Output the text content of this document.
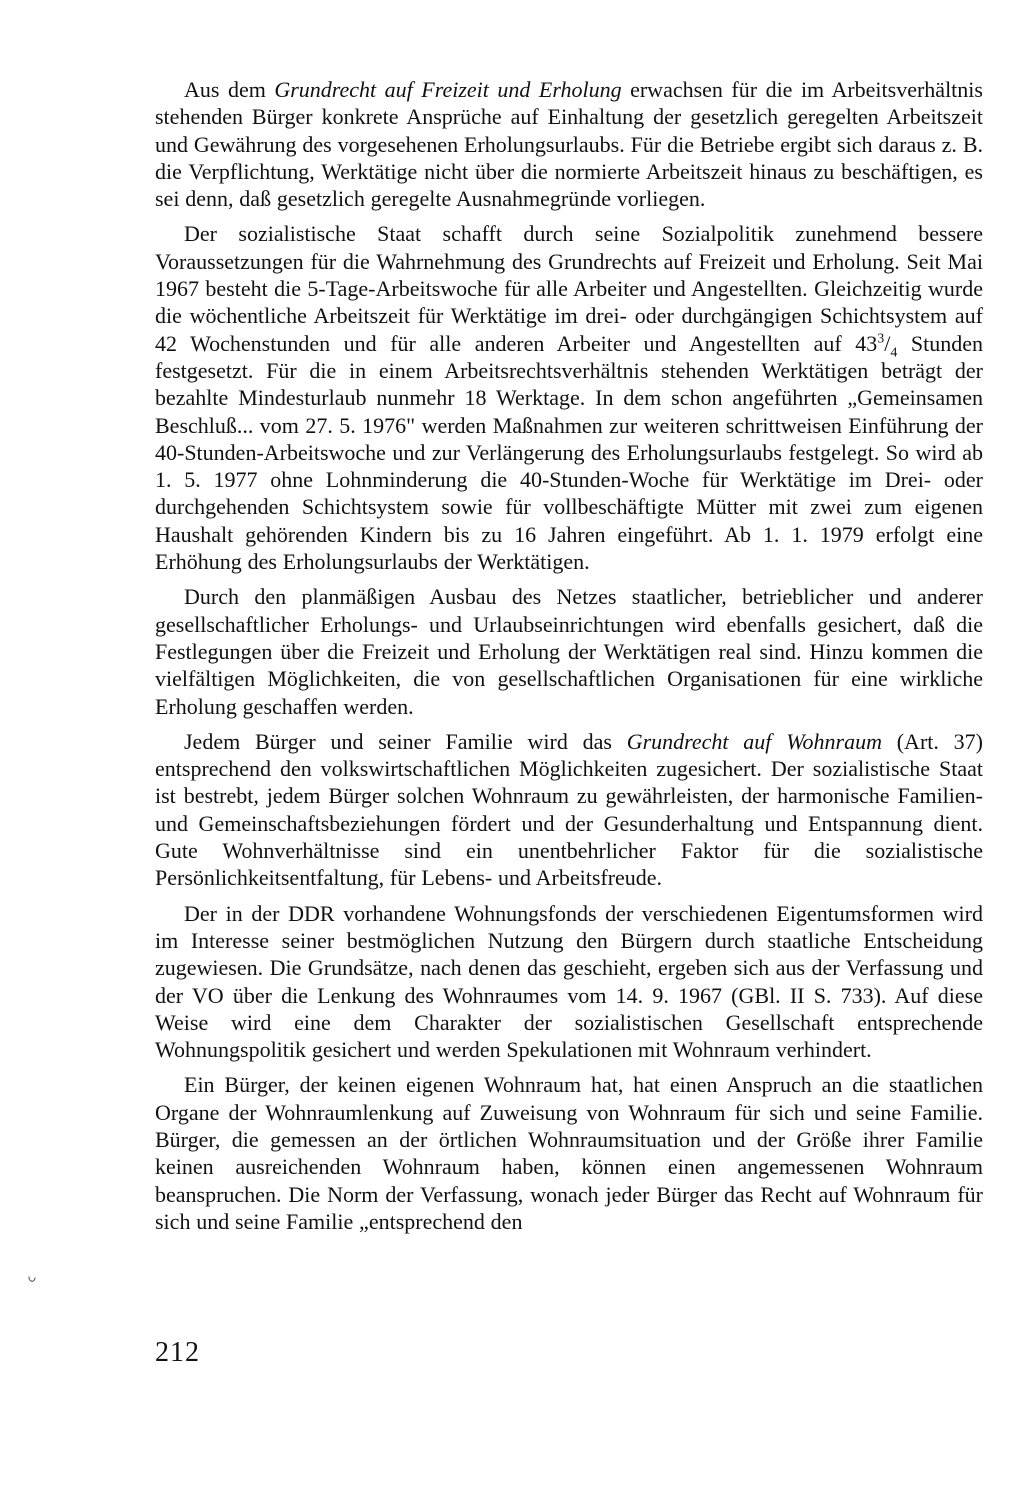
Aus dem Grundrecht auf Freizeit und Erholung erwachsen für die im Arbeitsverhältnis stehenden Bürger konkrete Ansprüche auf Einhaltung der gesetzlich geregelten Arbeitszeit und Gewährung des vorgesehenen Erholungsurlaubs. Für die Betriebe ergibt sich daraus z. B. die Verpflichtung, Werktätige nicht über die normierte Arbeitszeit hinaus zu beschäftigen, es sei denn, daß gesetzlich geregelte Ausnahmegründe vorliegen.

Der sozialistische Staat schafft durch seine Sozialpolitik zunehmend bessere Voraussetzungen für die Wahrnehmung des Grundrechts auf Freizeit und Erholung. Seit Mai 1967 besteht die 5-Tage-Arbeitswoche für alle Arbeiter und Angestellten. Gleichzeitig wurde die wöchentliche Arbeitszeit für Werktätige im drei- oder durchgängigen Schichtsystem auf 42 Wochenstunden und für alle anderen Arbeiter und Angestellten auf $43^3/_4$ Stunden festgesetzt. Für die in einem Arbeitsrechtsverhältnis stehenden Werktätigen beträgt der bezahlte Mindesturlaub nunmehr 18 Werktage. In dem schon angeführten „Gemeinsamen Beschluß... vom 27. 5. 1976" werden Maßnahmen zur weiteren schrittweisen Einführung der 40-Stunden-Arbeitswoche und zur Verlängerung des Erholungsurlaubs festgelegt. So wird ab 1. 5. 1977 ohne Lohnminderung die 40-Stunden-Woche für Werktätige im Drei- oder durchgehenden Schichtsystem sowie für vollbeschäftigte Mütter mit zwei zum eigenen Haushalt gehörenden Kindern bis zu 16 Jahren eingeführt. Ab 1. 1. 1979 erfolgt eine Erhöhung des Erholungsurlaubs der Werktätigen.

Durch den planmäßigen Ausbau des Netzes staatlicher, betrieblicher und anderer gesellschaftlicher Erholungs- und Urlaubseinrichtungen wird ebenfalls gesichert, daß die Festlegungen über die Freizeit und Erholung der Werktätigen real sind. Hinzu kommen die vielfältigen Möglichkeiten, die von gesellschaftlichen Organisationen für eine wirkliche Erholung geschaffen werden.

Jedem Bürger und seiner Familie wird das Grundrecht auf Wohnraum (Art. 37) entsprechend den volkswirtschaftlichen Möglichkeiten zugesichert. Der sozialistische Staat ist bestrebt, jedem Bürger solchen Wohnraum zu gewährleisten, der harmonische Familien- und Gemeinschaftsbeziehungen fördert und der Gesunderhaltung und Entspannung dient. Gute Wohnverhältnisse sind ein unentbehrlicher Faktor für die sozialistische Persönlichkeitsentfaltung, für Lebens- und Arbeitsfreude.

Der in der DDR vorhandene Wohnungsfonds der verschiedenen Eigentumsformen wird im Interesse seiner bestmöglichen Nutzung den Bürgern durch staatliche Entscheidung zugewiesen. Die Grundsätze, nach denen das geschieht, ergeben sich aus der Verfassung und der VO über die Lenkung des Wohnraumes vom 14. 9. 1967 (GBl. II S. 733). Auf diese Weise wird eine dem Charakter der sozialistischen Gesellschaft entsprechende Wohnungspolitik gesichert und werden Spekulationen mit Wohnraum verhindert.

Ein Bürger, der keinen eigenen Wohnraum hat, hat einen Anspruch an die staatlichen Organe der Wohnraumlenkung auf Zuweisung von Wohnraum für sich und seine Familie. Bürger, die gemessen an der örtlichen Wohnraumsituation und der Größe ihrer Familie keinen ausreichenden Wohnraum haben, können einen angemessenen Wohnraum beanspruchen. Die Norm der Verfassung, wonach jeder Bürger das Recht auf Wohnraum für sich und seine Familie „entsprechend den

212
